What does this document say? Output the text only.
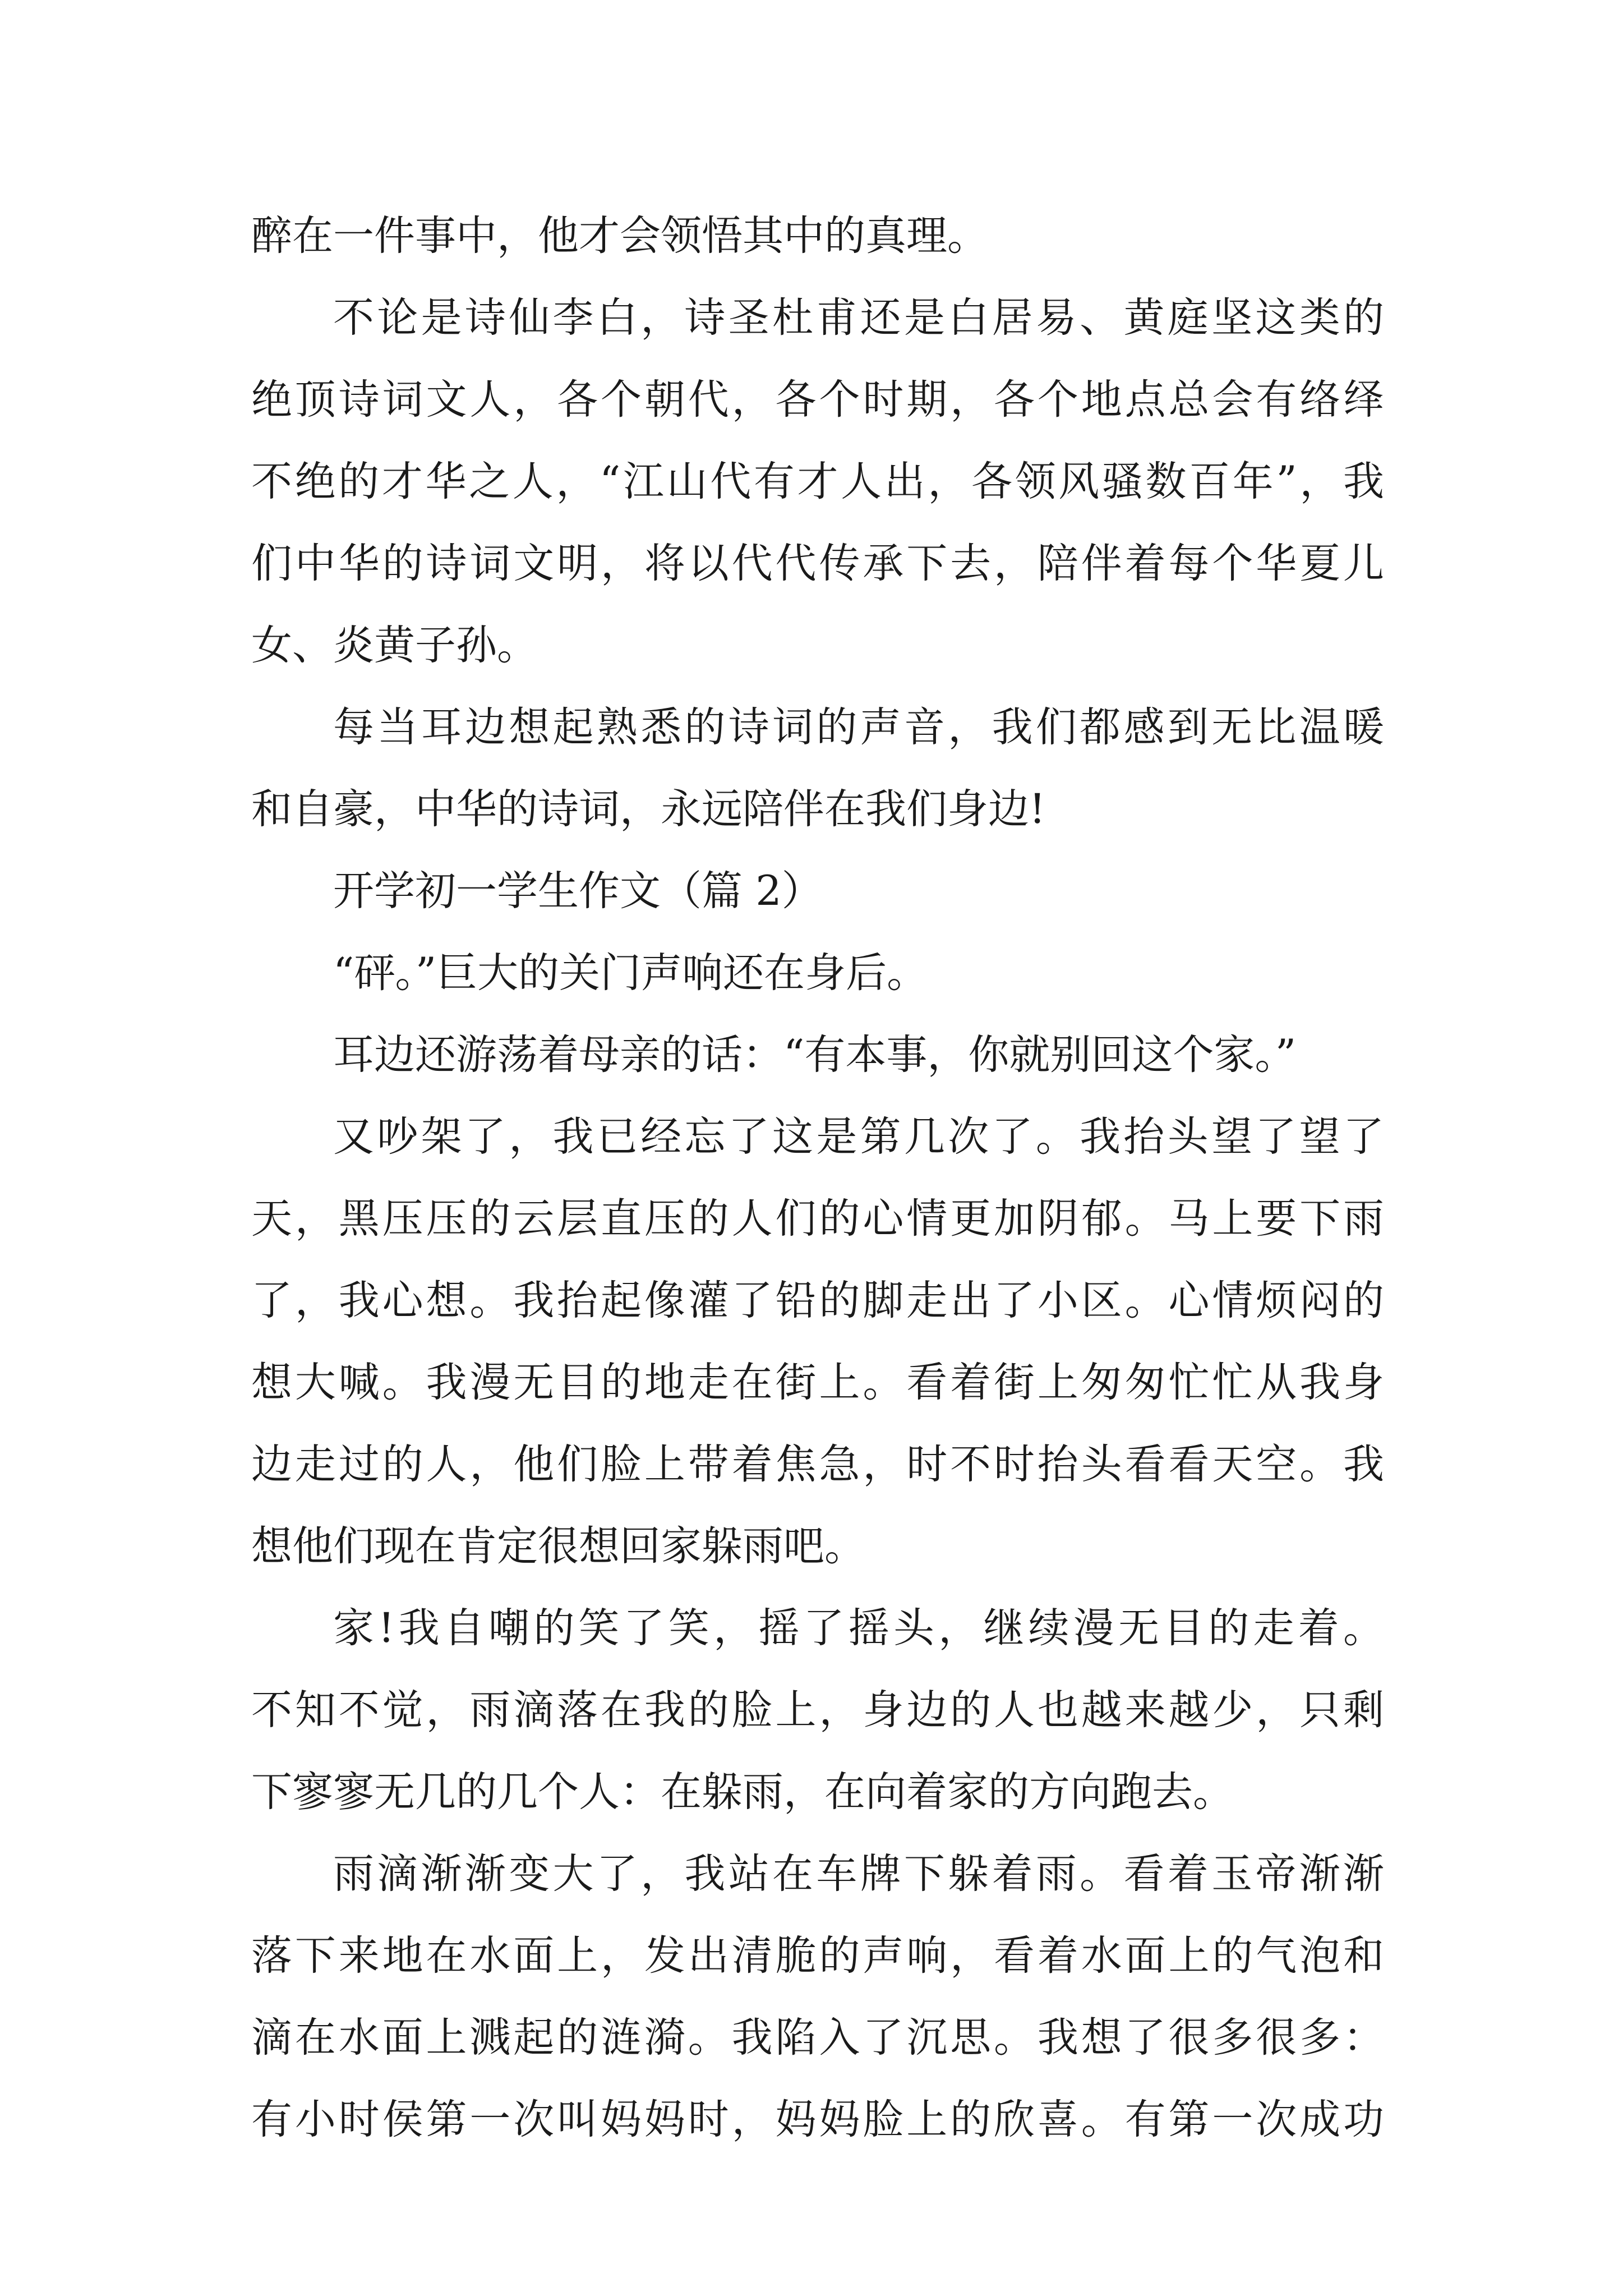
醉在一件事中，他才会领悟其中的真理。
不论是诗仙李白，诗圣杜甫还是白居易、黄庭坚这类的
绝顶诗词文人，各个朝代，各个时期，各个地点总会有络绎
不绝的才华之人，“江山代有才人出，各领风骚数百年”，我
们中华的诗词文明，将以代代传承下去，陪伴着每个华夏儿
女、炎黄子孙。
每当耳边想起熟悉的诗词的声音，我们都感到无比温暖
和自豪，中华的诗词，永远陪伴在我们身边!
开学初一学生作文（篇 2）
“砰。”巨大的关门声响还在身后。
耳边还游荡着母亲的话：“有本事，你就别回这个家。”
又吵架了，我已经忘了这是第几次了。我抬头望了望了
天，黑压压的云层直压的人们的心情更加阴郁。马上要下雨
了，我心想。我抬起像灌了铅的脚走出了小区。心情烦闷的
想大喊。我漫无目的地走在街上。看着街上匆匆忙忙从我身
边走过的人，他们脸上带着焦急，时不时抬头看看天空。我
想他们现在肯定很想回家躲雨吧。
家!我自嘲的笑了笑，摇了摇头，继续漫无目的走着。
不知不觉，雨滴落在我的脸上，身边的人也越来越少，只剩
下寥寥无几的几个人：在躲雨，在向着家的方向跑去。
雨滴渐渐变大了，我站在车牌下躲着雨。看着玉帝渐渐
落下来地在水面上，发出清脆的声响，看着水面上的气泡和
滴在水面上溅起的涟漪。我陷入了沉思。我想了很多很多：
有小时侯第一次叫妈妈时，妈妈脸上的欣喜。有第一次成功
